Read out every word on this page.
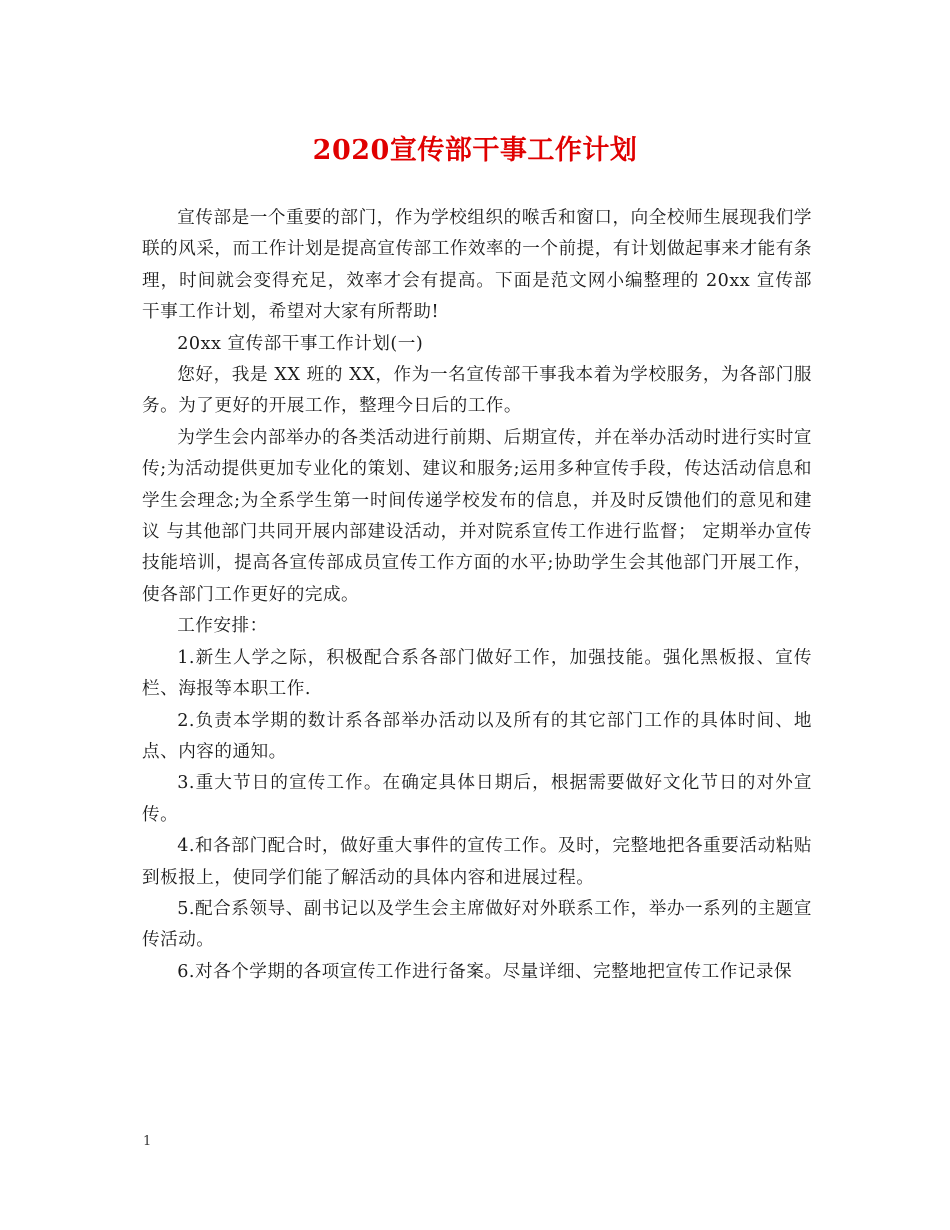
2020宣传部干事工作计划

宣传部是一个重要的部门，作为学校组织的喉舌和窗口，向全校师生展现我们学联的风采，而工作计划是提高宣传部工作效率的一个前提，有计划做起事来才能有条理，时间就会变得充足，效率才会有提高。下面是范文网小编整理的 20xx 宣传部干事工作计划，希望对大家有所帮助!

20xx 宣传部干事工作计划(一)

您好，我是 XX 班的 XX，作为一名宣传部干事我本着为学校服务，为各部门服务。为了更好的开展工作，整理今日后的工作。

为学生会内部举办的各类活动进行前期、后期宣传，并在举办活动时进行实时宣传;为活动提供更加专业化的策划、建议和服务;运用多种宣传手段，传达活动信息和学生会理念;为全系学生第一时间传递学校发布的信息，并及时反馈他们的意见和建议 与其他部门共同开展内部建设活动，并对院系宣传工作进行监督； 定期举办宣传技能培训，提高各宣传部成员宣传工作方面的水平;协助学生会其他部门开展工作，使各部门工作更好的完成。

工作安排：

1.新生人学之际，积极配合系各部门做好工作，加强技能。强化黑板报、宣传栏、海报等本职工作.

2.负责本学期的数计系各部举办活动以及所有的其它部门工作的具体时间、地点、内容的通知。

3.重大节日的宣传工作。在确定具体日期后，根据需要做好文化节日的对外宣传。

4.和各部门配合时，做好重大事件的宣传工作。及时，完整地把各重要活动粘贴到板报上，使同学们能了解活动的具体内容和进展过程。

5.配合系领导、副书记以及学生会主席做好对外联系工作，举办一系列的主题宣传活动。

6.对各个学期的各项宣传工作进行备案。尽量详细、完整地把宣传工作记录保

1
